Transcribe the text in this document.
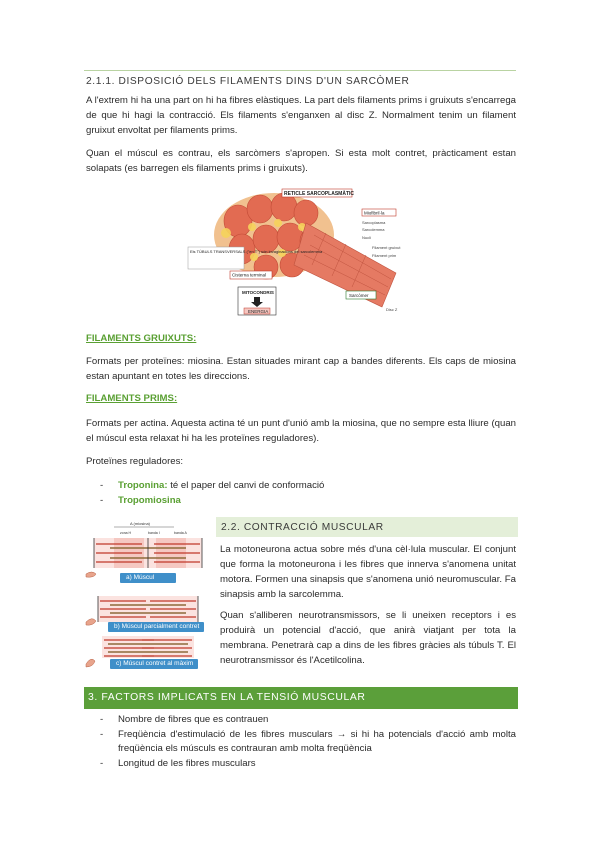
2.1.1. DISPOSICIÓ DELS FILAMENTS DINS D'UN SARCÒMER

A l'extrem hi ha una part on hi ha fibres elàstiques. La part dels filaments prims i gruixuts s'encarrega de que hi hagi la contracció. Els filaments s'enganxen al disc Z. Normalment tenim un filament gruixut envoltat per filaments prims.

Quan el múscul es contrau, els sarcòmers s'apropen. Si esta molt contret, pràcticament estan solapats (es barregen els filaments prims i gruixuts).

RETICLE SARCOPLASMÀTIC
Miofibril·la
Sarcoplasma
Sarcolemma
Nucli
Filament gruixut
Filament prim
Els TÚBULS TRANSVERSALS ("en T") són invaginacions del sarcolemma
Cisterna terminal
MITOCONDRIS
ENERGIA
Sarcòmer
Disc Z
FILAMENTS GRUIXUTS:

Formats per proteïnes: miosina. Estan situades mirant cap a bandes diferents. Els caps de miosina estan apuntant en totes les direccions.

FILAMENTS PRIMS:

Formats per actina. Aquesta actina té un punt d'unió amb la miosina, que no sempre esta lliure (quan el múscul esta relaxat hi ha les proteïnes reguladores).

Proteïnes reguladores:
- Troponina: té el paper del canvi de conformació
- Tropomiosina
A (miosina)
zona H	banda I	banda A
a) Múscul Relaxat
b) Múscul parcialment contret
c) Múscul contret al màxim
2.2. CONTRACCIÓ MUSCULAR

La motoneurona actua sobre més d'una cèl·lula muscular. El conjunt que forma la motoneurona i les fibres que innerva s'anomena unitat motora. Formen una sinapsis que s'anomena unió neuromuscular. Fa sinapsis amb la sarcolemma.

Quan s'alliberen neurotransmissors, se li uneixen receptors i es produirà un potencial d'acció, que anirà viatjant per tota la membrana. Penetrarà cap a dins de les fibres gràcies als túbuls T. El neurotransmissor és l'Acetilcolina.

3. FACTORS IMPLICATS EN LA TENSIÓ MUSCULAR
- Nombre de fibres que es contrauen
- Freqüència d'estimulació de les fibres musculars → si hi ha potencials d'acció amb molta freqüència els músculs es contrauran amb molta freqüència
- Longitud de les fibres musculars
